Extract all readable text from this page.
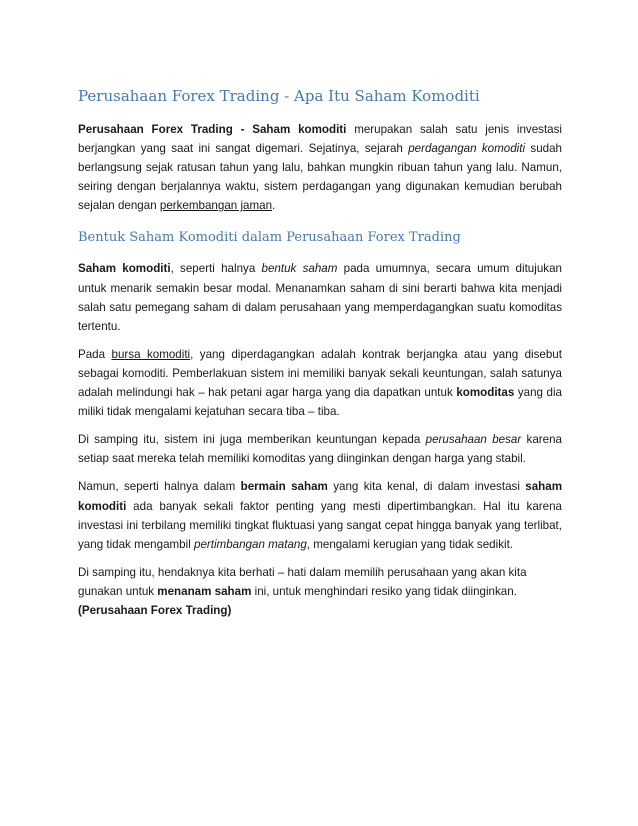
Perusahaan Forex Trading - Apa Itu Saham Komoditi

Perusahaan Forex Trading - Saham komoditi merupakan salah satu jenis investasi berjangkan yang saat ini sangat digemari. Sejatinya, sejarah perdagangan komoditi sudah berlangsung sejak ratusan tahun yang lalu, bahkan mungkin ribuan tahun yang lalu. Namun, seiring dengan berjalannya waktu, sistem perdagangan yang digunakan kemudian berubah sejalan dengan perkembangan jaman.

Bentuk Saham Komoditi dalam Perusahaan Forex Trading

Saham komoditi, seperti halnya bentuk saham pada umumnya, secara umum ditujukan untuk menarik semakin besar modal. Menanamkan saham di sini berarti bahwa kita menjadi salah satu pemegang saham di dalam perusahaan yang memperdagangkan suatu komoditas tertentu.

Pada bursa komoditi, yang diperdagangkan adalah kontrak berjangka atau yang disebut sebagai komoditi. Pemberlakuan sistem ini memiliki banyak sekali keuntungan, salah satunya adalah melindungi hak – hak petani agar harga yang dia dapatkan untuk komoditas yang dia miliki tidak mengalami kejatuhan secara tiba – tiba.

Di samping itu, sistem ini juga memberikan keuntungan kepada perusahaan besar karena setiap saat mereka telah memiliki komoditas yang diinginkan dengan harga yang stabil.

Namun, seperti halnya dalam bermain saham yang kita kenal, di dalam investasi saham komoditi ada banyak sekali faktor penting yang mesti dipertimbangkan. Hal itu karena investasi ini terbilang memiliki tingkat fluktuasi yang sangat cepat hingga banyak yang terlibat, yang tidak mengambil pertimbangan matang, mengalami kerugian yang tidak sedikit.

Di samping itu, hendaknya kita berhati – hati dalam memilih perusahaan yang akan kita gunakan untuk menanam saham ini, untuk menghindari resiko yang tidak diinginkan. (Perusahaan Forex Trading)
